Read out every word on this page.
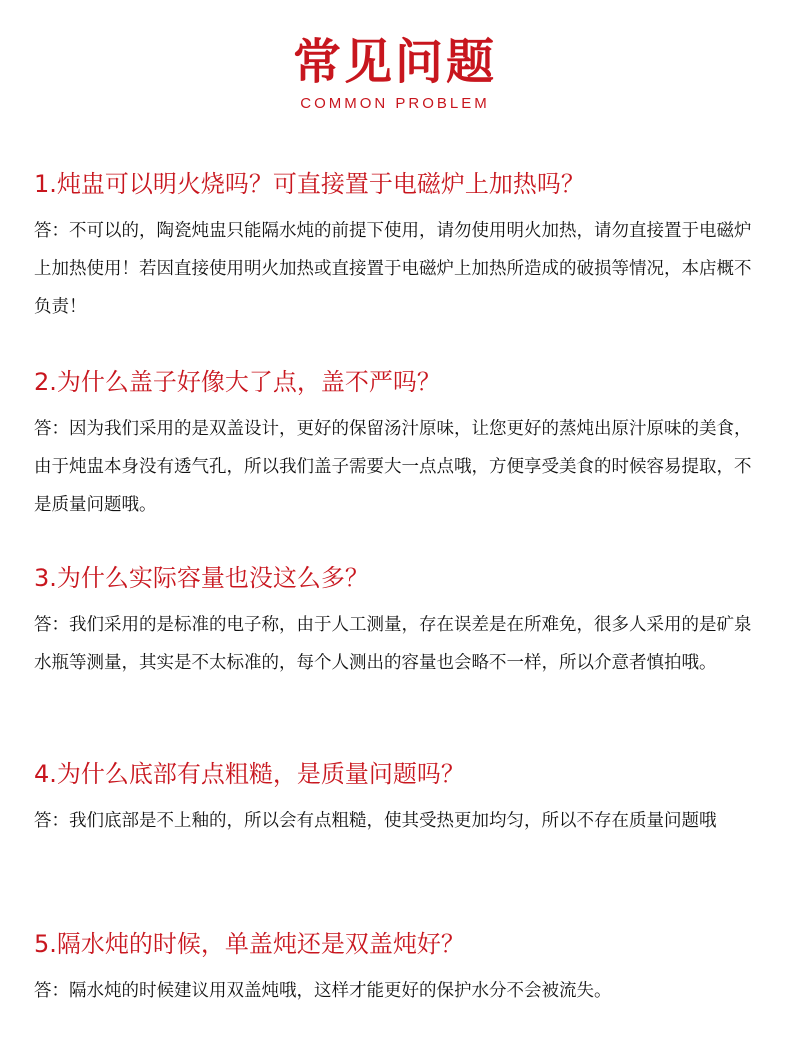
常见问题
COMMON PROBLEM
1.炖盅可以明火烧吗？可直接置于电磁炉上加热吗？
答：不可以的，陶瓷炖盅只能隔水炖的前提下使用，请勿使用明火加热，请勿直接置于电磁炉上加热使用！若因直接使用明火加热或直接置于电磁炉上加热所造成的破损等情况，本店概不负责！
2.为什么盖子好像大了点，盖不严吗？
答：因为我们采用的是双盖设计，更好的保留汤汁原味，让您更好的蒸炖出原汁原味的美食，由于炖盅本身没有透气孔，所以我们盖子需要大一点点哦，方便享受美食的时候容易提取，不是质量问题哦。
3.为什么实际容量也没这么多？
答：我们采用的是标准的电子称，由于人工测量，存在误差是在所难免，很多人采用的是矿泉水瓶等测量，其实是不太标准的，每个人测出的容量也会略不一样，所以介意者慎拍哦。
4.为什么底部有点粗糙，是质量问题吗？
答：我们底部是不上釉的，所以会有点粗糙，使其受热更加均匀，所以不存在质量问题哦
5.隔水炖的时候，单盖炖还是双盖炖好？
答：隔水炖的时候建议用双盖炖哦，这样才能更好的保护水分不会被流失。
